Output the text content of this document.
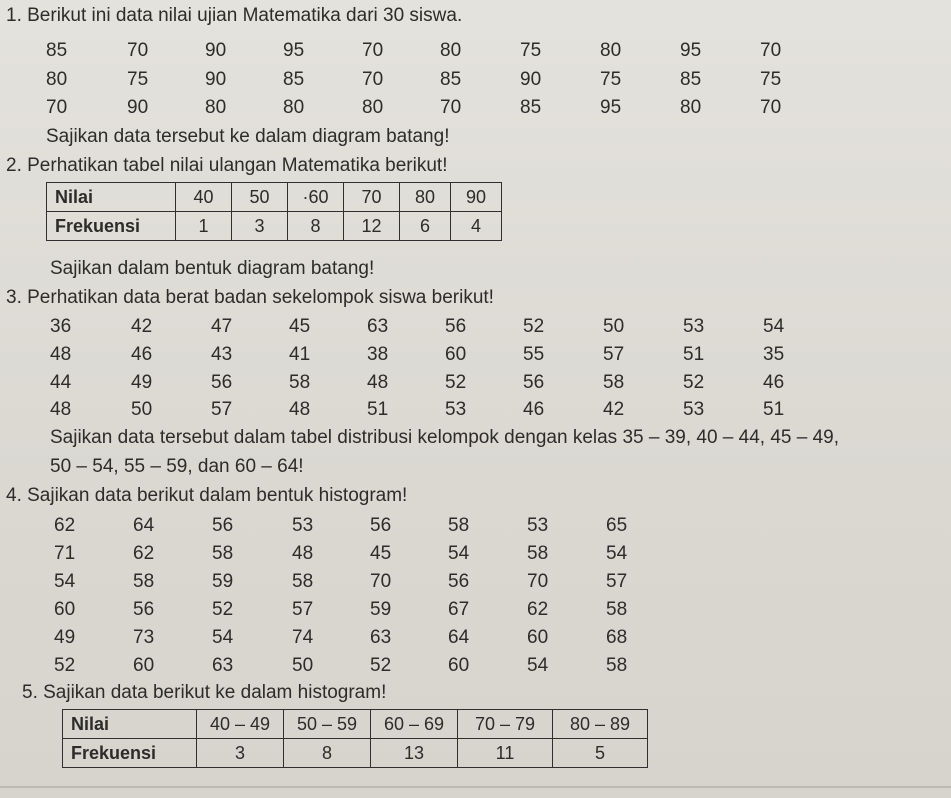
1. Berikut ini data nilai ujian Matematika dari 30 siswa.
85	70	90	95	70	80	75	80	95	70
80	75	90	85	70	85	90	75	85	75
70	90	80	80	80	70	85	95	80	70
Sajikan data tersebut ke dalam diagram batang!
2. Perhatikan tabel nilai ulangan Matematika berikut!
Nilai	40	50	·60	70	80	90
Frekuensi	1	3	8	12	6	4
Sajikan dalam bentuk diagram batang!
3. Perhatikan data berat badan sekelompok siswa berikut!
36	42	47	45	63	56	52	50	53	54
48	46	43	41	38	60	55	57	51	35
44	49	56	58	48	52	56	58	52	46
48	50	57	48	51	53	46	42	53	51
Sajikan data tersebut dalam tabel distribusi kelompok dengan kelas 35 – 39, 40 – 44, 45 – 49,
50 – 54, 55 – 59, dan 60 – 64!
4. Sajikan data berikut dalam bentuk histogram!
62	64	56	53	56	58	53	65
71	62	58	48	45	54	58	54
54	58	59	58	70	56	70	57
60	56	52	57	59	67	62	58
49	73	54	74	63	64	60	68
52	60	63	50	52	60	54	58
5. Sajikan data berikut ke dalam histogram!
Nilai	40 – 49	50 – 59	60 – 69	70 – 79	80 – 89
Frekuensi	3	8	13	11	5
